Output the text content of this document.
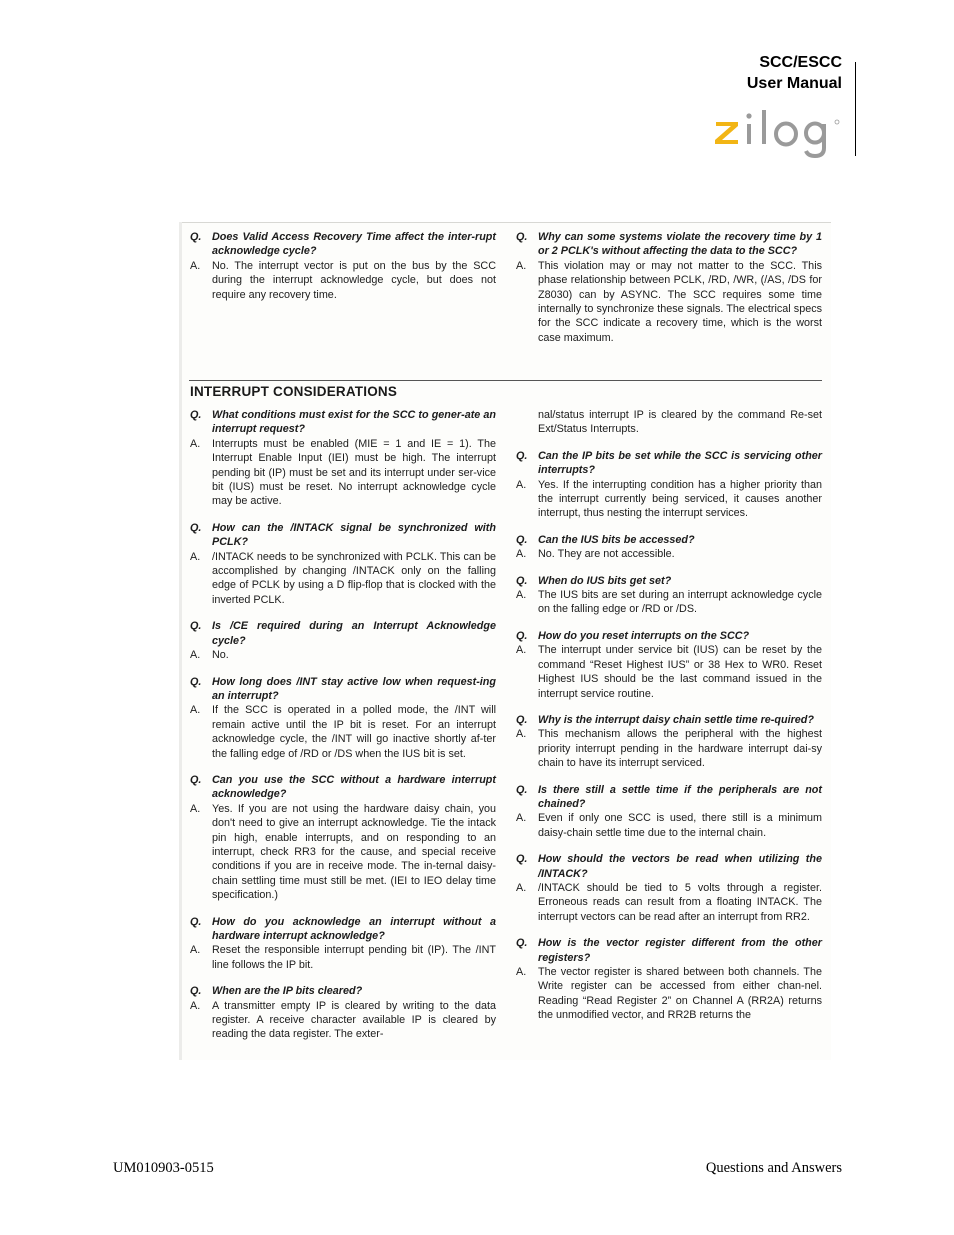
SCC/ESCC
User Manual
Q. Does Valid Access Recovery Time affect the inter-rupt acknowledge cycle?
A.	No. The interrupt vector is put on the bus by the SCC during the interrupt acknowledge cycle, but does not require any recovery time.
Q. Why can some systems violate the recovery time by 1 or 2 PCLK's without affecting the data to the SCC?
A.	This violation may or may not matter to the SCC. This phase relationship between PCLK, /RD, /WR, (/AS, /DS for Z8030) can by ASYNC. The SCC requires some time internally to synchronize these signals. The electrical specs for the SCC indicate a recovery time, which is the worst case maximum.
INTERRUPT CONSIDERATIONS
Q. What conditions must exist for the SCC to gener-ate an interrupt request?
A.	Interrupts must be enabled (MIE = 1 and IE = 1). The Interrupt Enable Input (IEI) must be high. The interrupt pending bit (IP) must be set and its interrupt under ser-vice bit (IUS) must be reset. No interrupt acknowledge cycle may be active.
Q. How can the /INTACK signal be synchronized with PCLK?
A.	/INTACK needs to be synchronized with PCLK. This can be accomplished by changing /INTACK only on the falling edge of PCLK by using a D flip-flop that is clocked with the inverted PCLK.
Q. Is /CE required during an Interrupt Acknowledge cycle?
A.	No.
Q. How long does /INT stay active low when request-ing an interrupt?
A.	If the SCC is operated in a polled mode, the /INT will remain active until the IP bit is reset. For an interrupt acknowledge cycle, the /INT will go inactive shortly af-ter the falling edge of /RD or /DS when the IUS bit is set.
Q. Can you use the SCC without a hardware interrupt acknowledge?
A.	Yes. If you are not using the hardware daisy chain, you don't need to give an interrupt acknowledge. Tie the intack pin high, enable interrupts, and on responding to an interrupt, check RR3 for the cause, and special receive conditions if you are in receive mode. The in-ternal daisy-chain settling time must still be met. (IEI to IEO delay time specification.)
Q. How do you acknowledge an interrupt without a hardware interrupt acknowledge?
A.	Reset the responsible interrupt pending bit (IP). The /INT line follows the IP bit.
Q. When are the IP bits cleared?
A.	A transmitter empty IP is cleared by writing to the data register. A receive character available IP is cleared by reading the data register. The exter-
nal/status interrupt IP is cleared by the command Re-set Ext/Status Interrupts.
Q. Can the IP bits be set while the SCC is servicing other interrupts?
A.	Yes. If the interrupting condition has a higher priority than the interrupt currently being serviced, it causes another interrupt, thus nesting the interrupt services.
Q. Can the IUS bits be accessed?
A.	No. They are not accessible.
Q. When do IUS bits get set?
A.	The IUS bits are set during an interrupt acknowledge cycle on the falling edge or /RD or /DS.
Q. How do you reset interrupts on the SCC?
A.	The interrupt under service bit (IUS) can be reset by the command “Reset Highest IUS” or 38 Hex to WR0. Reset Highest IUS should be the last command issued in the interrupt service routine.
Q. Why is the interrupt daisy chain settle time re-quired?
A.	This mechanism allows the peripheral with the highest priority interrupt pending in the hardware interrupt dai-sy chain to have its interrupt serviced.
Q. Is there still a settle time if the peripherals are not chained?
A.	Even if only one SCC is used, there still is a minimum daisy-chain settle time due to the internal chain.
Q. How should the vectors be read when utilizing the /INTACK?
A.	/INTACK should be tied to 5 volts through a register. Erroneous reads can result from a floating INTACK. The interrupt vectors can be read after an interrupt from RR2.
Q. How is the vector register different from the other registers?
A.	The vector register is shared between both channels. The Write register can be accessed from either chan-nel. Reading “Read Register 2” on Channel A (RR2A) returns the unmodified vector, and RR2B returns the
UM010903-0515	Questions and Answers
